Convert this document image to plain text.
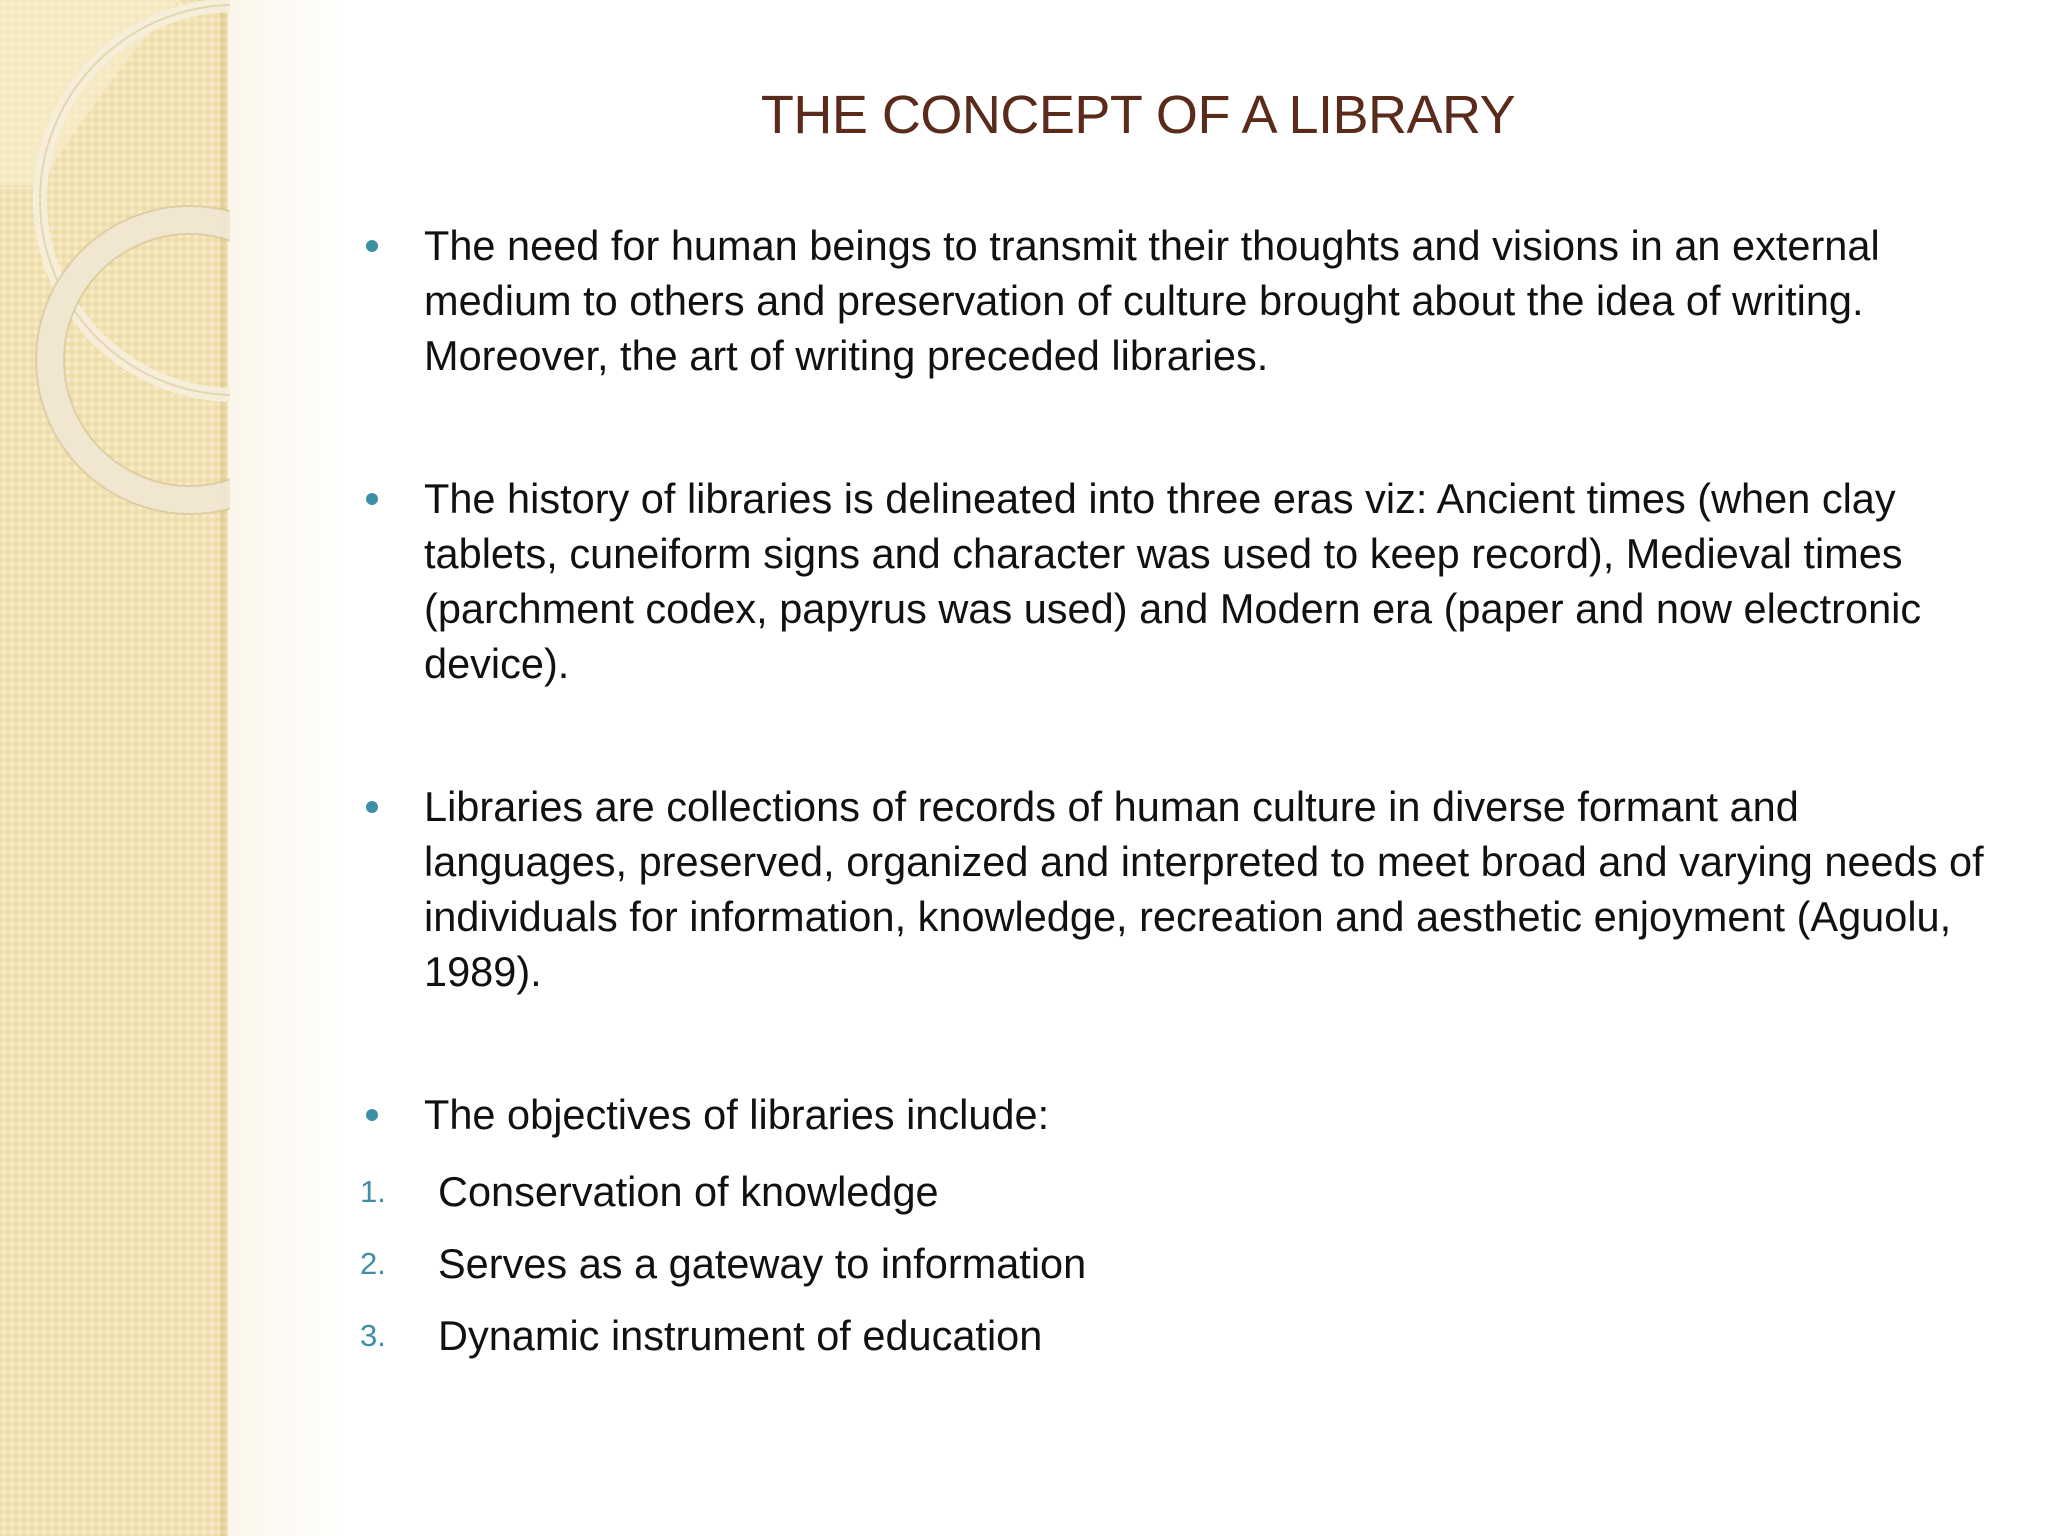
THE CONCEPT OF A LIBRARY
The need for human beings to transmit their thoughts and visions in an external medium to others and preservation of culture brought about the idea of writing. Moreover, the art of writing preceded libraries.
The history of libraries is delineated into three eras viz: Ancient times (when clay tablets, cuneiform signs and character was used to keep record), Medieval times (parchment codex, papyrus was used) and Modern era (paper and now electronic device).
Libraries are collections of records of human culture in diverse formant and languages, preserved, organized and interpreted to meet broad and varying needs of individuals for information, knowledge, recreation and aesthetic enjoyment (Aguolu, 1989).
The objectives of libraries include:
1. Conservation of knowledge
2. Serves as a gateway to information
3. Dynamic instrument of education
